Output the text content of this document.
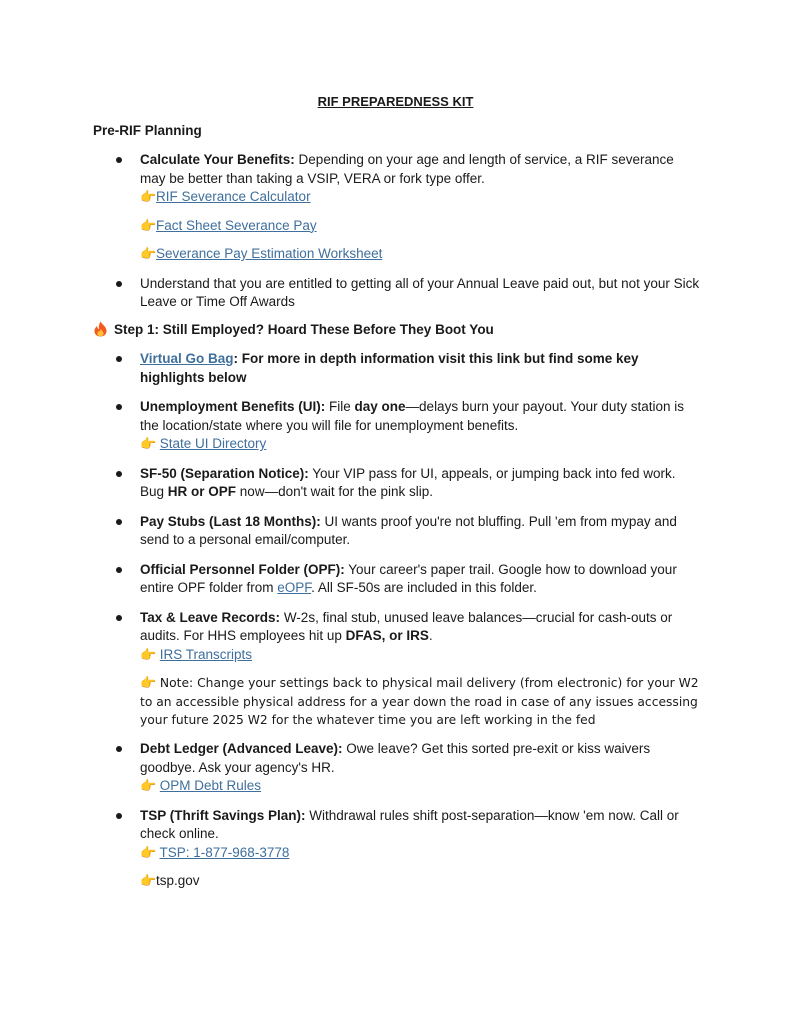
RIF PREPAREDNESS KIT
Pre-RIF Planning
Calculate Your Benefits: Depending on your age and length of service, a RIF severance may be better than taking a VSIP, VERA or fork type offer.
👉RIF Severance Calculator
👉Fact Sheet Severance Pay
👉Severance Pay Estimation Worksheet
Understand that you are entitled to getting all of your Annual Leave paid out, but not your Sick Leave or Time Off Awards
Step 1: Still Employed? Hoard These Before They Boot You
Virtual Go Bag: For more in depth information visit this link but find some key highlights below
Unemployment Benefits (UI): File day one—delays burn your payout. Your duty station is the location/state where you will file for unemployment benefits.
👉 State UI Directory
SF-50 (Separation Notice): Your VIP pass for UI, appeals, or jumping back into fed work. Bug HR or OPF now—don't wait for the pink slip.
Pay Stubs (Last 18 Months): UI wants proof you're not bluffing. Pull 'em from mypay and send to a personal email/computer.
Official Personnel Folder (OPF): Your career's paper trail. Google how to download your entire OPF folder from eOPF. All SF-50s are included in this folder.
Tax & Leave Records: W-2s, final stub, unused leave balances—crucial for cash-outs or audits. For HHS employees hit up DFAS, or IRS.
👉 IRS Transcripts
👉 Note: Change your settings back to physical mail delivery (from electronic) for your W2 to an accessible physical address for a year down the road in case of any issues accessing your future 2025 W2 for the whatever time you are left working in the fed
Debt Ledger (Advanced Leave): Owe leave? Get this sorted pre-exit or kiss waivers goodbye. Ask your agency's HR.
👉 OPM Debt Rules
TSP (Thrift Savings Plan): Withdrawal rules shift post-separation—know 'em now. Call or check online.
👉 TSP: 1-877-968-3778
👉tsp.gov
